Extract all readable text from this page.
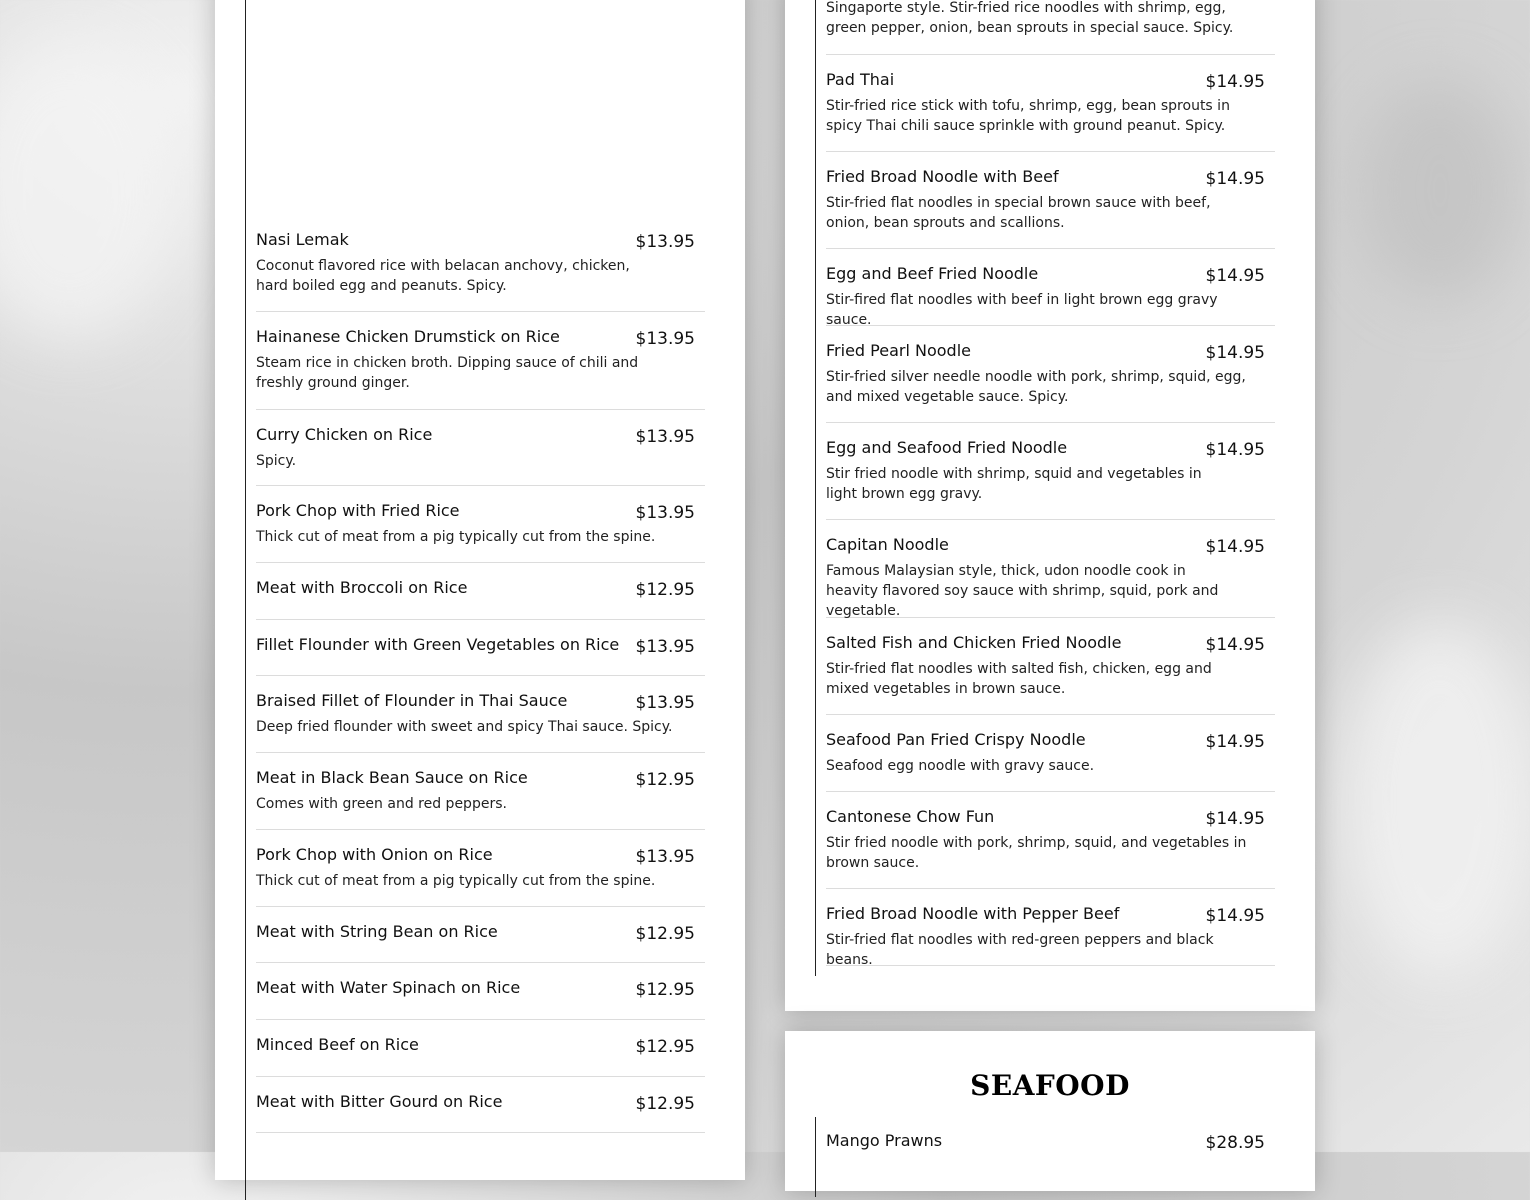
Nasi Lemak	$13.95
Coconut flavored rice with belacan anchovy, chicken, hard boiled egg and peanuts. Spicy.
Hainanese Chicken Drumstick on Rice	$13.95
Steam rice in chicken broth. Dipping sauce of chili and freshly ground ginger.
Curry Chicken on Rice	$13.95
Spicy.
Pork Chop with Fried Rice	$13.95
Thick cut of meat from a pig typically cut from the spine.
Meat with Broccoli on Rice	$12.95
Fillet Flounder with Green Vegetables on Rice $13.95
Braised Fillet of Flounder in Thai Sauce	$13.95
Deep fried flounder with sweet and spicy Thai sauce. Spicy.
Meat in Black Bean Sauce on Rice	$12.95
Comes with green and red peppers.
Pork Chop with Onion on Rice	$13.95
Thick cut of meat from a pig typically cut from the spine.
Meat with String Bean on Rice	$12.95
Meat with Water Spinach on Rice	$12.95
Minced Beef on Rice	$12.95
Meat with Bitter Gourd on Rice	$12.95
Singaporte style. Stir-fried rice noodles with shrimp, egg, green pepper, onion, bean sprouts in special sauce. Spicy.
Pad Thai	$14.95
Stir-fried rice stick with tofu, shrimp, egg, bean sprouts in spicy Thai chili sauce sprinkle with ground peanut. Spicy.
Fried Broad Noodle with Beef	$14.95
Stir-fried flat noodles in special brown sauce with beef, onion, bean sprouts and scallions.
Egg and Beef Fried Noodle	$14.95
Stir-fired flat noodles with beef in light brown egg gravy sauce.
Fried Pearl Noodle	$14.95
Stir-fried silver needle noodle with pork, shrimp, squid, egg, and mixed vegetable sauce. Spicy.
Egg and Seafood Fried Noodle	$14.95
Stir fried noodle with shrimp, squid and vegetables in light brown egg gravy.
Capitan Noodle	$14.95
Famous Malaysian style, thick, udon noodle cook in heavity flavored soy sauce with shrimp, squid, pork and vegetable.
Salted Fish and Chicken Fried Noodle	$14.95
Stir-fried flat noodles with salted fish, chicken, egg and mixed vegetables in brown sauce.
Seafood Pan Fried Crispy Noodle	$14.95
Seafood egg noodle with gravy sauce.
Cantonese Chow Fun	$14.95
Stir fried noodle with pork, shrimp, squid, and vegetables in brown sauce.
Fried Broad Noodle with Pepper Beef	$14.95
Stir-fried flat noodles with red-green peppers and black beans.
SEAFOOD
Mango Prawns	$28.95
